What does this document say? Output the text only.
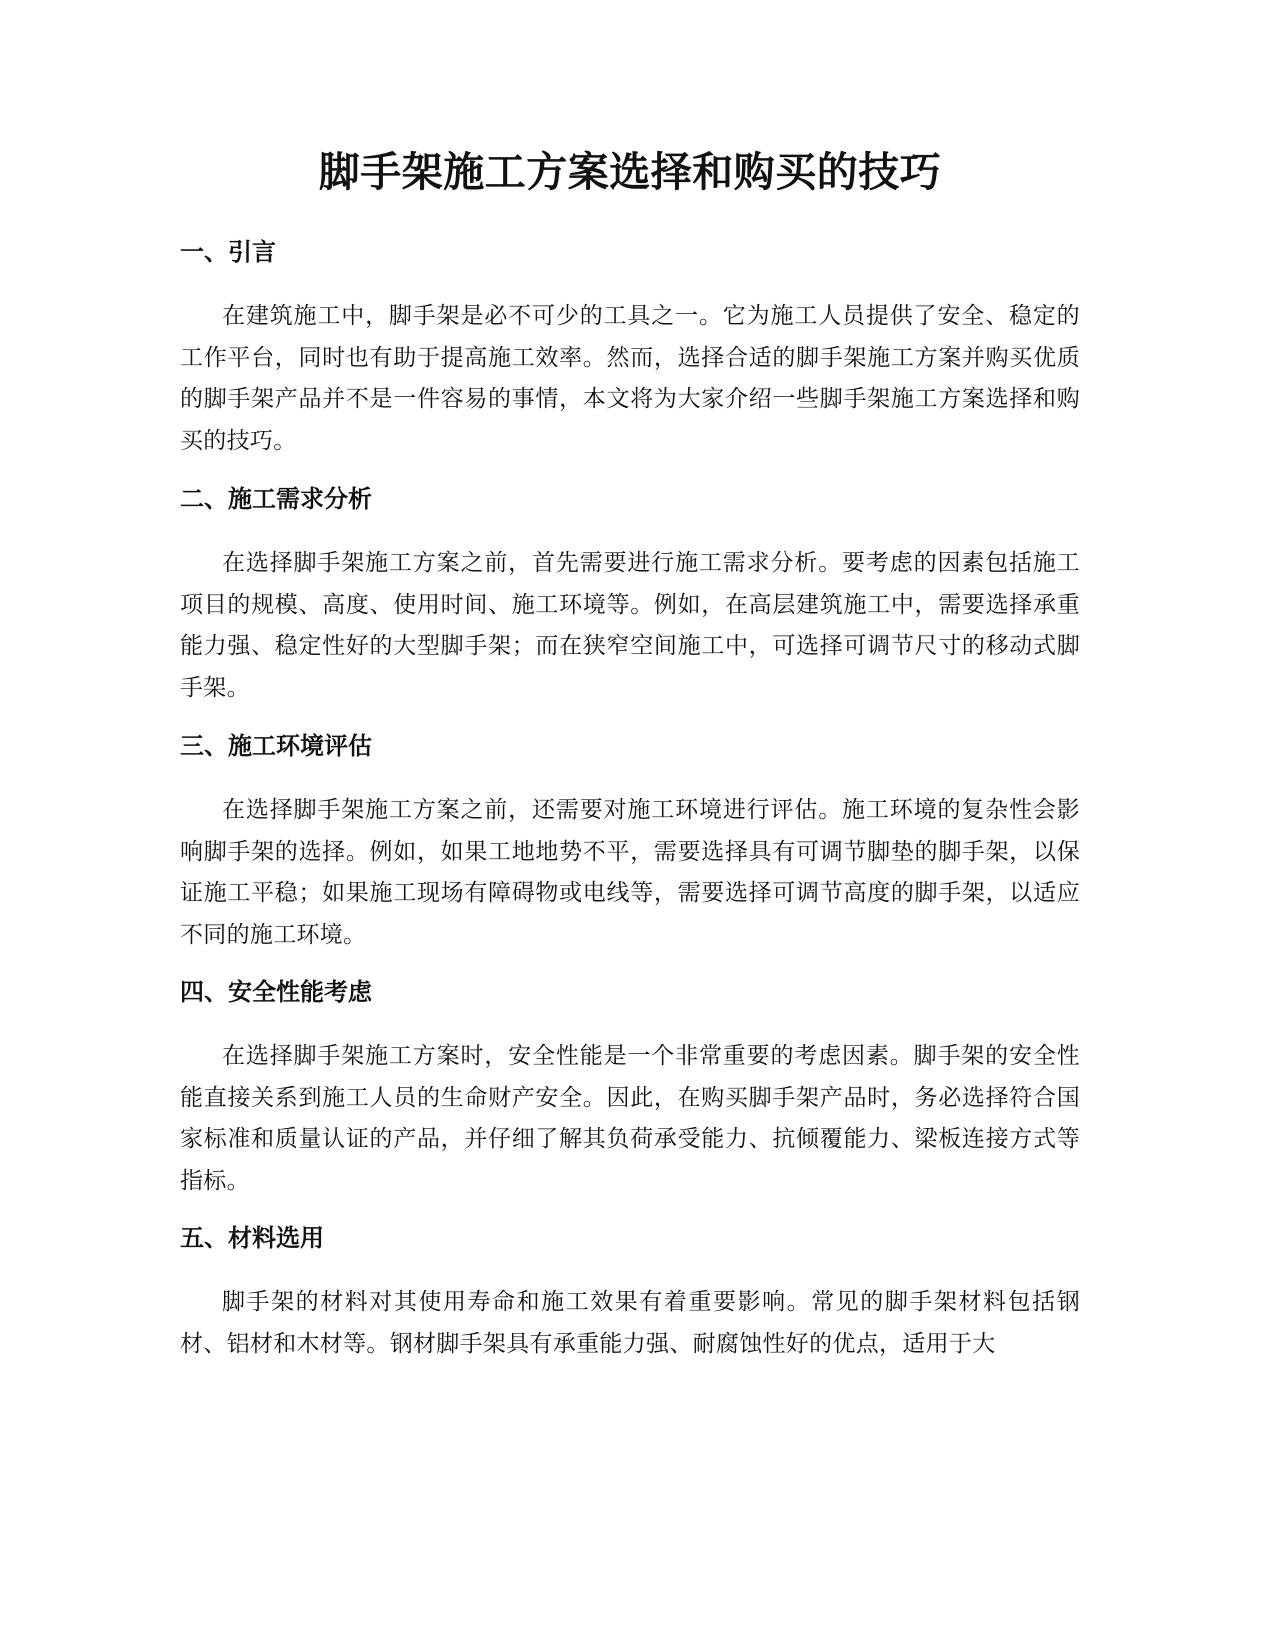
脚手架施工方案选择和购买的技巧
一、引言

在建筑施工中，脚手架是必不可少的工具之一。它为施工人员提供了安全、稳定的工作平台，同时也有助于提高施工效率。然而，选择合适的脚手架施工方案并购买优质的脚手架产品并不是一件容易的事情，本文将为大家介绍一些脚手架施工方案选择和购买的技巧。

二、施工需求分析

在选择脚手架施工方案之前，首先需要进行施工需求分析。要考虑的因素包括施工项目的规模、高度、使用时间、施工环境等。例如，在高层建筑施工中，需要选择承重能力强、稳定性好的大型脚手架；而在狭窄空间施工中，可选择可调节尺寸的移动式脚手架。

三、施工环境评估

在选择脚手架施工方案之前，还需要对施工环境进行评估。施工环境的复杂性会影响脚手架的选择。例如，如果工地地势不平，需要选择具有可调节脚垫的脚手架，以保证施工平稳；如果施工现场有障碍物或电线等，需要选择可调节高度的脚手架，以适应不同的施工环境。

四、安全性能考虑

在选择脚手架施工方案时，安全性能是一个非常重要的考虑因素。脚手架的安全性能直接关系到施工人员的生命财产安全。因此，在购买脚手架产品时，务必选择符合国家标准和质量认证的产品，并仔细了解其负荷承受能力、抗倾覆能力、梁板连接方式等指标。

五、材料选用

脚手架的材料对其使用寿命和施工效果有着重要影响。常见的脚手架材料包括钢材、铝材和木材等。钢材脚手架具有承重能力强、耐腐蚀性好的优点，适用于大
